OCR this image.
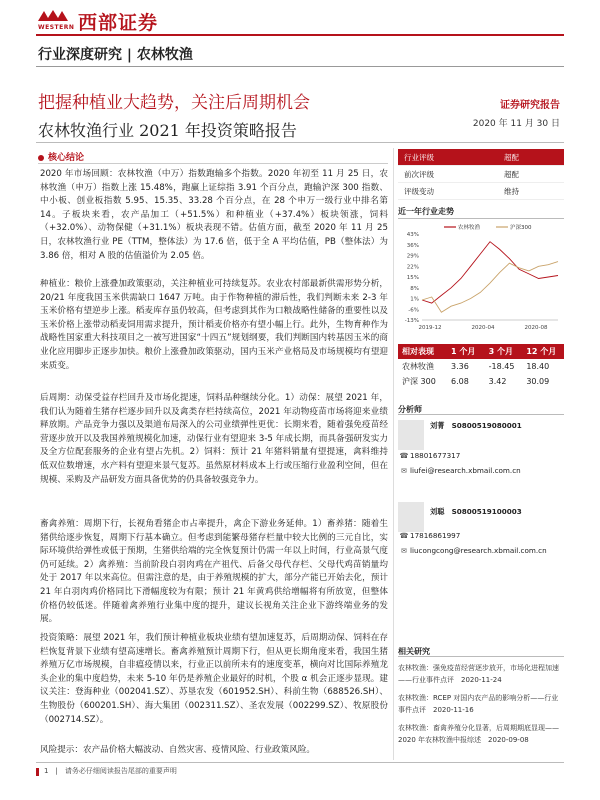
WESTERN 西部证券
行业深度研究 | 农林牧渔
把握种植业大趋势，关注后周期机会
农林牧渔行业 2021 年投资策略报告
证券研究报告
2020 年 11 月 30 日
核心结论
2020 年市场回顾：农林牧渔（中万）指数跑输多个指数。2020 年初至 11 月 25 日，农林牧渔（申万）指数上涨 15.48%，跑赢上证综指 3.91 个百分点，跑输沪深 300 指数、中小板、创业板指数 5.95、15.35、33.28 个百分点，在 28 个申万一级行业中排名第 14。子板块来看，农产品加工（+51.5%）和种植业（+37.4%）板块领涨，饲料（+32.0%）、动物保健（+31.1%）板块表现不错。估值方面，截至 2020 年 11 月 25 日，农林牧渔行业 PE（TTM，整体法）为 17.6 倍，低于全 A 平均估值，PB（整体法）为 3.86 倍，相对 A 股的估值溢价为 2.05 倍。
种植业：粮价上涨叠加政策驱动，关注种植业可持续复苏。农业农村部最新供需形势分析，20/21 年度我国玉米供需缺口 1647 万吨。由于作物种植的滞后性，我们判断未来 2-3 年玉米价格有望逆步上涨。稻麦库存虽仍较高，但考虑到其作为口粮战略性储备的重要性以及玉米价格上涨带动稻麦饲用需求提升，预计稻麦价格亦有望小幅上行。此外，生物育种作为战略性国家重大科技项目之一被写进国家“十四五”规划纲要，我们判断国内转基因玉米的商业化应用脚步正逐步加快。粮价上涨叠加政策驱动，国内玉米产业格局及市场规模均有望迎来质变。
后周期：动保受益存栏回升及市场化提速，饲料品种继续分化。1）动保：展望 2021 年，我们认为随着生猪存栏逐步回升以及禽类存栏持续高位，2021 年动物疫苗市场将迎来业绩释放期。产品竞争力强以及渠道布局深入的公司业绩弹性更优：长期来看，随着强免疫苗经营逐步放开以及我国养殖规模化加速，动保行业有望迎来 3-5 年成长期，而具备强研发实力及全方位配套服务的企业有望占先机。2）饲料：预计 21 年猪料销量有望提速，禽料维持低双位数增速，水产料有望迎来景气复苏。虽然原材料成本上行或压缩行业盈利空间，但在规模、采购及产品研发方面具备优势的仍具备较强竞争力。
畜禽养殖：周期下行，长视角看猪企市占率提升，禽企下游业务延伸。1）畜养猪：随着生猪供给逐步恢复，周期下行基本确立。但考虑到能繁母猪存栏量中较大比例的三元自比，实际环境供给弹性或低于预期，生猪供给端的完全恢复预计仍需一年以上时间，行业高景气度仍可延续。2）禽养殖：当前阶段白羽肉鸡在产祖代、后备父母代存栏、父母代鸡苗销量均处于 2017 年以来高位。但需注意的是，由于养殖规模的扩大，部分产能已开始去化，预计 21 年白羽肉鸡价格同比下滑幅度较为有限；预计 21 年黄鸡供给增幅将有所放宽，但整体价格仍较低迷。伴随着禽养殖行业集中度的提升，建议长视角关注企业下游终端业务的发展。
投资策略：展望 2021 年，我们预计种植业板块业绩有望加速复苏，后周期动保、饲料在存栏恢复背景下业绩有望高速增长。畜禽养殖预计周期下行，但从更长期角度来看，我国生猪养殖万亿市场规模，自非瘟疫情以来，行业正以前所未有的速度变革，横向对比国际养殖龙头企业的集中度趋势，未来 5-10 年仍是养殖企业最好的时机，个股 α 机会正逐步显现。建议关注：登海种业（002041.SZ）、苏垦农发（601952.SH）、科前生物（688526.SH）、生物股份（600201.SH）、海大集团（002311.SZ）、圣农发展（002299.SZ）、牧原股份（002714.SZ）。
风险提示：农产品价格大幅波动、自然灾害、疫情风险、行业政策风险。
行业评级	超配
前次评级	超配
评级变动	维持
近一年行业走势
43%
36%
29%
22%
15%
8%
1%
-6%
-13%
2019-12	2020-04	2020-08
农林牧渔	沪深300
相对表现	1 个月	3 个月	12 个月
农林牧渔	3.36	-18.45	18.40
沪深 300	6.08	3.42	30.09
分析师
刘菁　 S0800519080001
☎ 18801677317
✉ liufei@research.xbmail.com.cn
刘聪　 S0800519100003
☎ 17816861997
✉ liucongcong@research.xbmail.com.cn
相关研究
农林牧渔：强免疫苗经营逐步放开，市场化进程加速——行业事件点评　2020-11-24
农林牧渔：RCEP 对国内农产品的影响分析——行业事件点评　2020-11-16
农林牧渔：畜禽养殖分化显著，后周期期底显现——2020 年农林牧渔中报综述　2020-09-08
1　|　请务必仔细阅读报告尾部的重要声明
